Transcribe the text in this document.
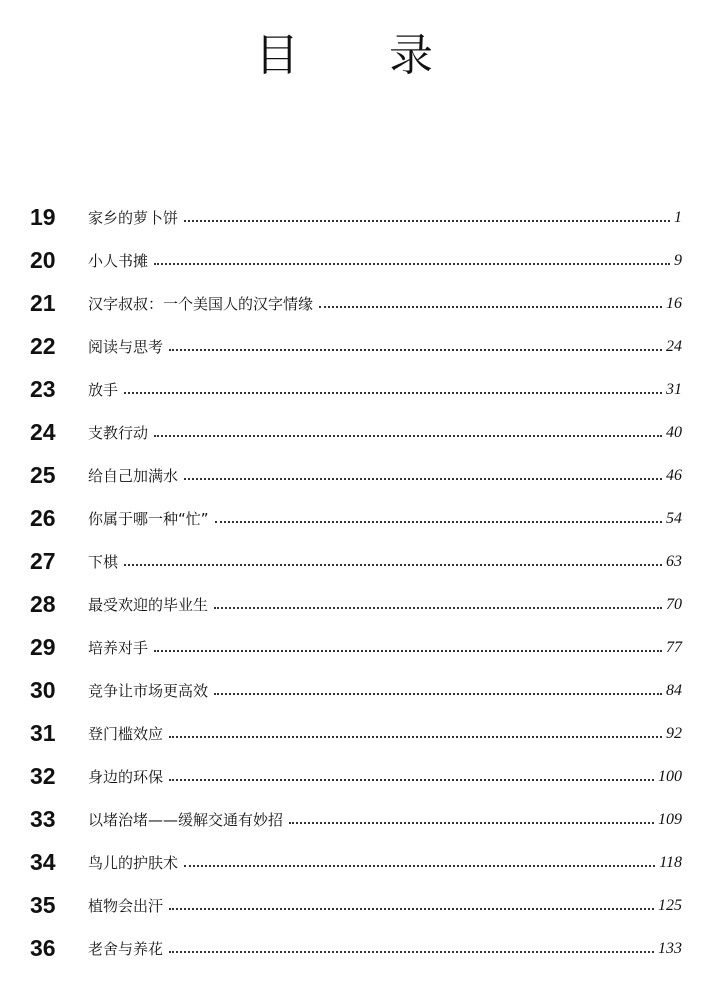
目 录
19	家乡的萝卜饼	1
20	小人书摊	9
21	汉字叔叔：一个美国人的汉字情缘	16
22	阅读与思考	24
23	放手	31
24	支教行动	40
25	给自己加满水	46
26	你属于哪一种“忙”	54
27	下棋	63
28	最受欢迎的毕业生	70
29	培养对手	77
30	竞争让市场更高效	84
31	登门槛效应	92
32	身边的环保	100
33	以堵治堵——缓解交通有妙招	109
34	鸟儿的护肤术	118
35	植物会出汗	125
36	老舍与养花	133
